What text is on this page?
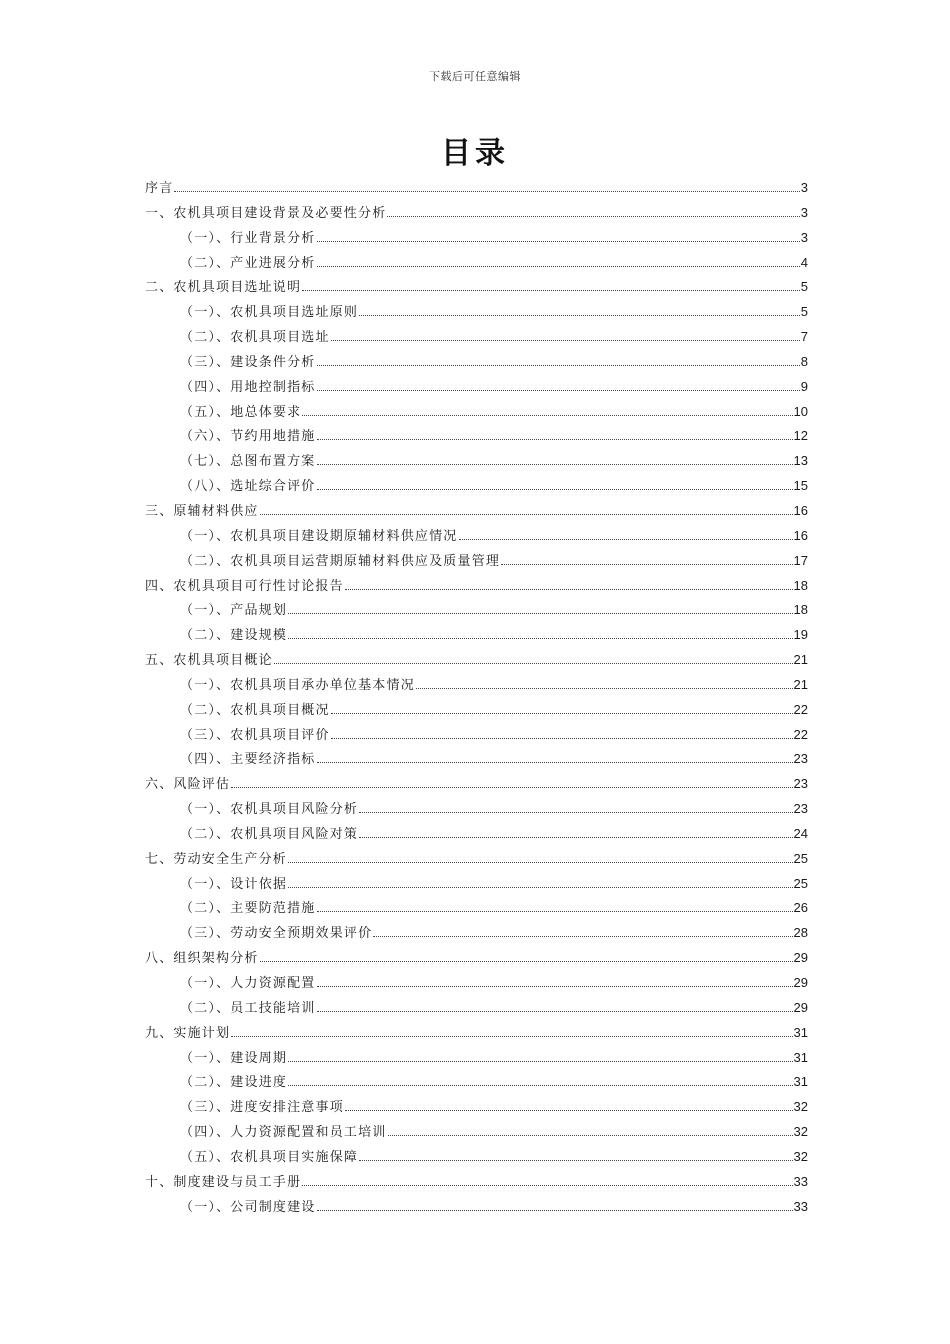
下载后可任意编辑
目录
序言	3
一、农机具项目建设背景及必要性分析	3
（一）、行业背景分析	3
（二）、产业进展分析	4
二、农机具项目选址说明	5
（一）、农机具项目选址原则	5
（二）、农机具项目选址	7
（三）、建设条件分析	8
（四）、用地控制指标	9
（五）、地总体要求	10
（六）、节约用地措施	12
（七）、总图布置方案	13
（八）、选址综合评价	15
三、原辅材料供应	16
（一）、农机具项目建设期原辅材料供应情况	16
（二）、农机具项目运营期原辅材料供应及质量管理	17
四、农机具项目可行性讨论报告	18
（一）、产品规划	18
（二）、建设规模	19
五、农机具项目概论	21
（一）、农机具项目承办单位基本情况	21
（二）、农机具项目概况	22
（三）、农机具项目评价	22
（四）、主要经济指标	23
六、风险评估	23
（一）、农机具项目风险分析	23
（二）、农机具项目风险对策	24
七、劳动安全生产分析	25
（一）、设计依据	25
（二）、主要防范措施	26
（三）、劳动安全预期效果评价	28
八、组织架构分析	29
（一）、人力资源配置	29
（二）、员工技能培训	29
九、实施计划	31
（一）、建设周期	31
（二）、建设进度	31
（三）、进度安排注意事项	32
（四）、人力资源配置和员工培训	32
（五）、农机具项目实施保障	32
十、制度建设与员工手册	33
（一）、公司制度建设	33
